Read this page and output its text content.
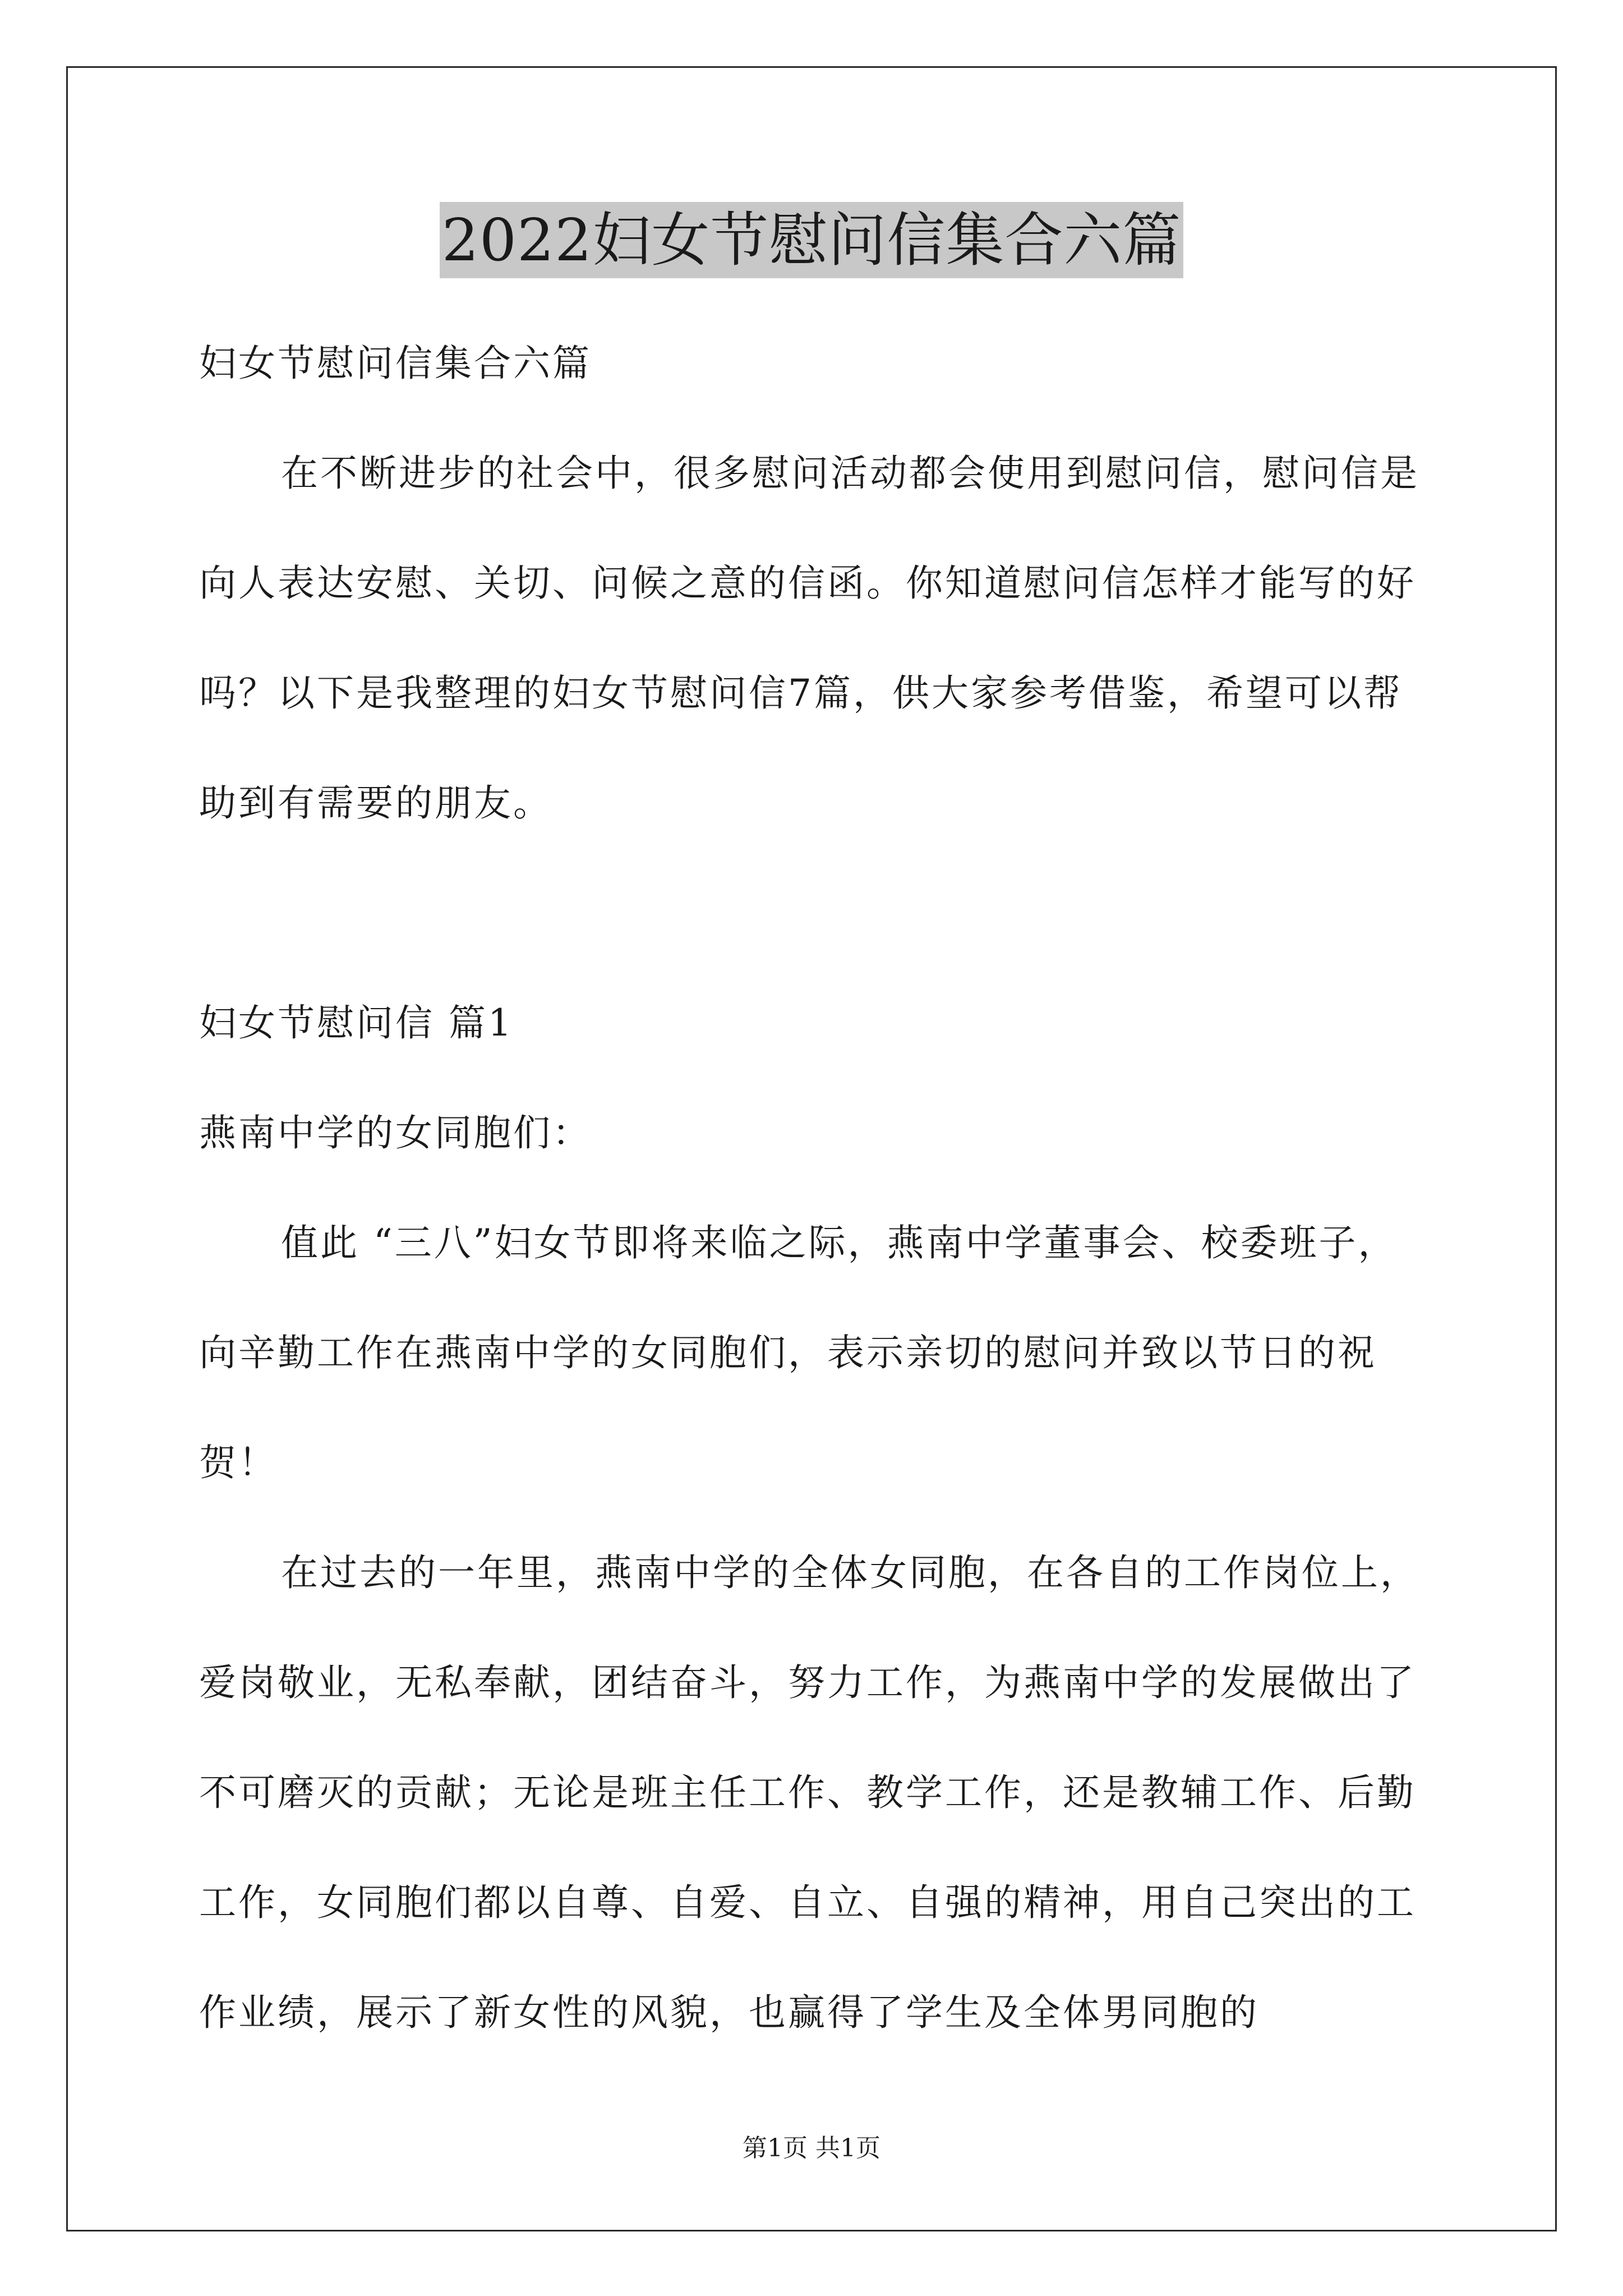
2022妇女节慰问信集合六篇

妇女节慰问信集合六篇

在不断进步的社会中，很多慰问活动都会使用到慰问信，慰问信是向人表达安慰、关切、问候之意的信函。你知道慰问信怎样才能写的好吗？以下是我整理的妇女节慰问信7篇，供大家参考借鉴，希望可以帮助到有需要的朋友。

妇女节慰问信 篇1

燕南中学的女同胞们：

值此 “三八”妇女节即将来临之际，燕南中学董事会、校委班子，向辛勤工作在燕南中学的女同胞们，表示亲切的慰问并致以节日的祝贺！

在过去的一年里，燕南中学的全体女同胞，在各自的工作岗位上，爱岗敬业，无私奉献，团结奋斗，努力工作，为燕南中学的发展做出了不可磨灭的贡献；无论是班主任工作、教学工作，还是教辅工作、后勤工作，女同胞们都以自尊、自爱、自立、自强的精神，用自己突出的工作业绩，展示了新女性的风貌，也赢得了学生及全体男同胞的

第1页 共1页
